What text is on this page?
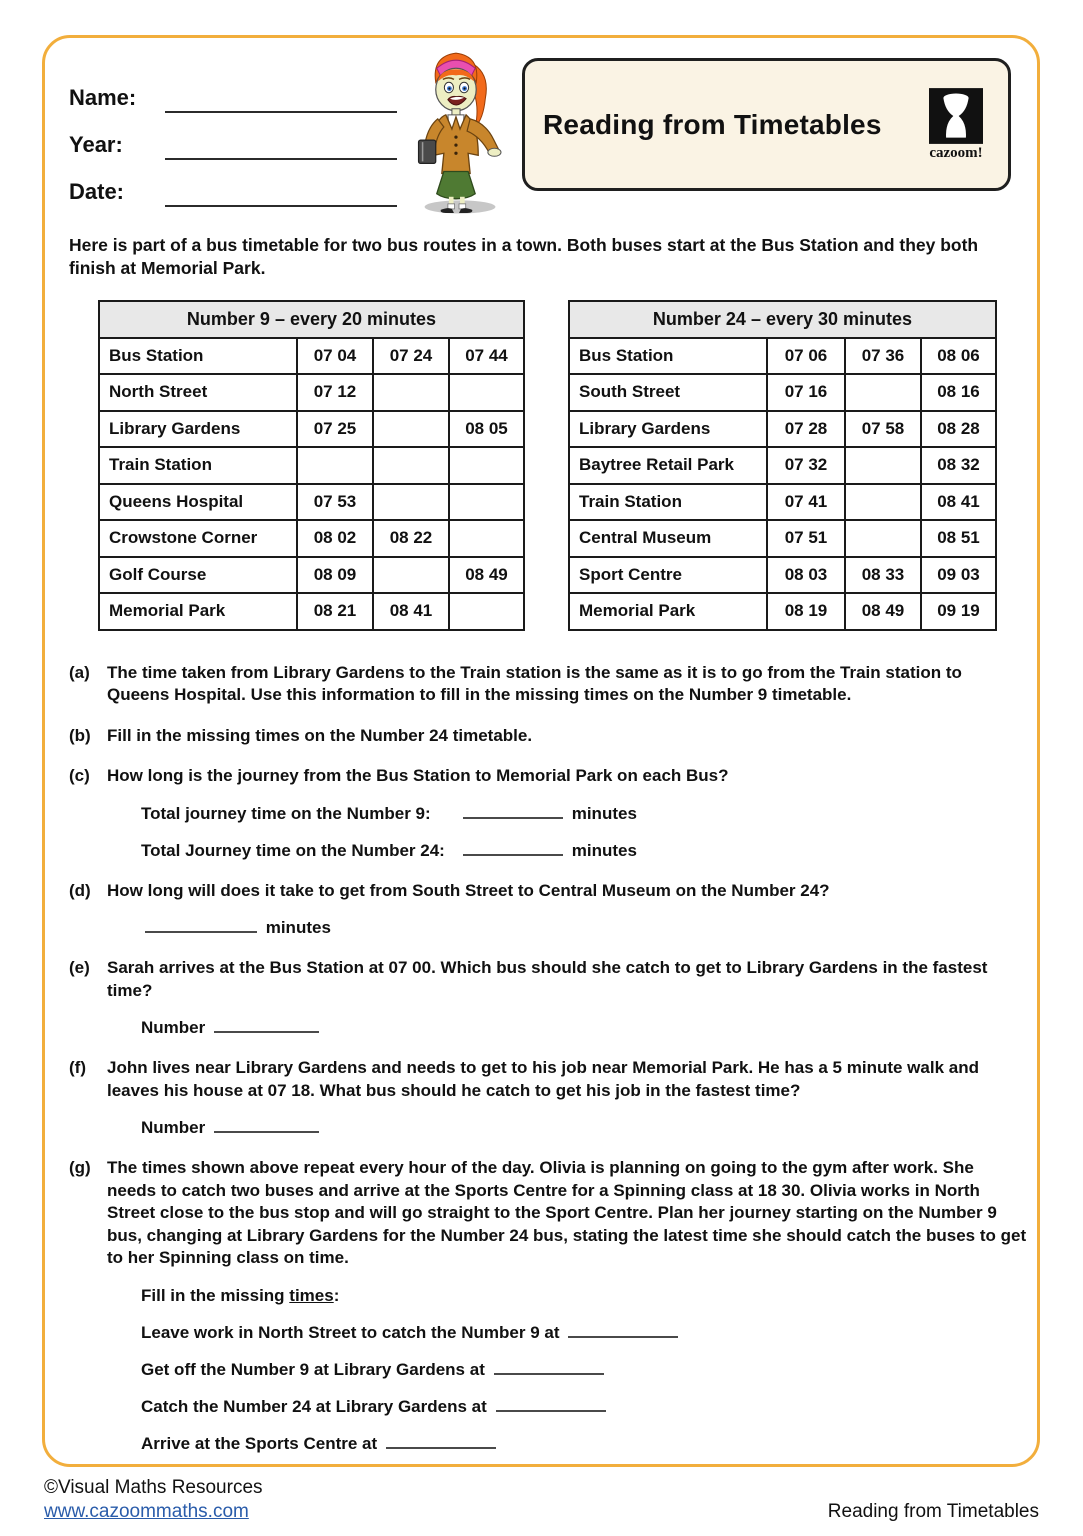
Name:
Year:
Date:
Reading from Timetables
cazoom!

Here is part of a bus timetable for two bus routes in a town. Both buses start at the Bus Station and they both finish at Memorial Park.

Number 9 – every 20 minutes			
Bus Station	07 04	07 24	07 44
North Street	07 12		
Library Gardens	07 25		08 05
Train Station			
Queens Hospital	07 53		
Crowstone Corner	08 02	08 22	
Golf Course	08 09		08 49
Memorial Park	08 21	08 41	
Number 24 – every 30 minutes			
Bus Station	07 06	07 36	08 06
South Street	07 16		08 16
Library Gardens	07 28	07 58	08 28
Baytree Retail Park	07 32		08 32
Train Station	07 41		08 41
Central Museum	07 51		08 51
Sport Centre	08 03	08 33	09 03
Memorial Park	08 19	08 49	09 19
(a)	The time taken from Library Gardens to the Train station is the same as it is to go from the Train station to Queens Hospital. Use this information to fill in the missing times on the Number 9 timetable.
(b) Fill in the missing times on the Number 24 timetable.
(c)	How long is the journey from the Bus Station to Memorial Park on each Bus?
Total journey time on the Number 9:	minutes
Total Journey time on the Number 24:	minutes
(d) How long will does it take to get from South Street to Central Museum on the Number 24?
minutes
(e)	Sarah arrives at the Bus Station at 07 00. Which bus should she catch to get to Library Gardens in the fastest time?
Number
(f)	John lives near Library Gardens and needs to get to his job near Memorial Park. He has a 5 minute walk and leaves his house at 07 18. What bus should he catch to get his job in the fastest time?
Number
(g) The times shown above repeat every hour of the day. Olivia is planning on going to the gym after work. She needs to catch two buses and arrive at the Sports Centre for a Spinning class at 18 30. Olivia works in North Street close to the bus stop and will go straight to the Sport Centre. Plan her journey starting on the Number 9 bus, changing at Library Gardens for the Number 24 bus, stating the latest time she should catch the buses to get to her Spinning class on time.
Fill in the missing times:
Leave work in North Street to catch the Number 9 at
Get off the Number 9 at Library Gardens at
Catch the Number 24 at Library Gardens at
Arrive at the Sports Centre at
©Visual Maths Resources
www.cazoommaths.com	Reading from Timetables
